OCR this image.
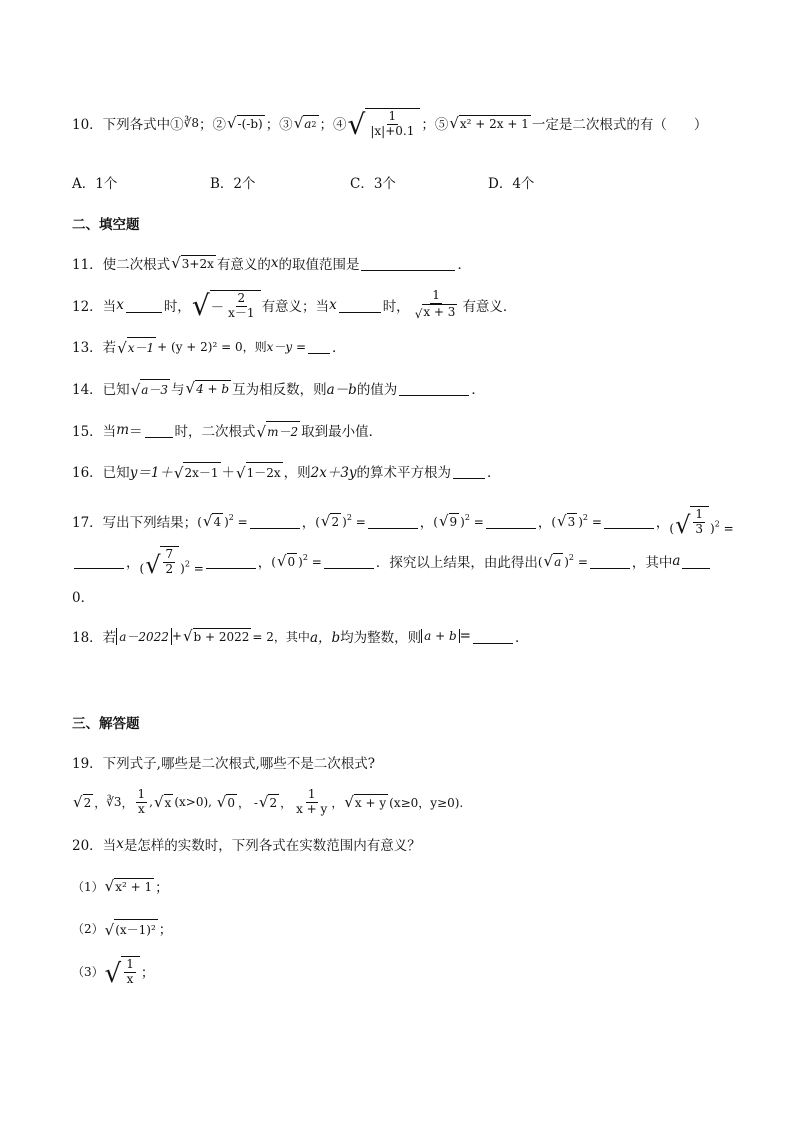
10．下列各式中① ∛8 ；② √ -(-b) ；③ √ a 2 ；④ √ $\frac{1}{|x|+0.1}$ ；⑤ √ x² + 2x + 1 一定是二次根式的有（　　）
A．1个	B．2个	C．3个	D．4个
二、填空题
11．使二次根式 √ 3+2x 有意义的 x 的取值范围是	．
12．当 x	时， √ － $\frac{2}{x-1}$ 有意义；当 x	时， $\frac{1}{√ x + 3}$ 有意义．
13．若 √ x－1 + (y + 2)² = 0，则 x－y = ．
14．已知 √ a－3 与 √ 4 + b 互为相反数，则 a－b 的值为	．
15．当 m ＝ 时，二次根式 √ m－2 取到最小值．
16．已知 y＝1＋ √ 2x－1 ＋ √ 1－2x ，则 2x＋3y 的算术平方根为	．
17．写出下列结果； ( √ 4 )$^2$ =	， ( √ 2 )$^2$ =	， ( √ 9 )$^2$ =	， ( √ 3 )$^2$ =	， ( √ $\frac{1}{3} )^2$ =
， ( √ $\frac{7}{2} )^2$ =	， ( √ 0 )$^2$ =	．探究以上结果，由此得出 ( √ a )$^2$ =	，其中 a
0．
18．若 a－2022 + √ b + 2022 = 2，其中 a，b 均为整数，则 a + b =	．
三、解答题
19．下列式子,哪些是二次根式,哪些不是二次根式?
√ 2 ， ∛3 ， $\frac{1}{x}$ , √ x (x>0),
√ 0 ， - √ 2 ， $\frac{1}{x + y}$ ， √ x + y (x≥0，y≥0).
20．当 x 是怎样的实数时，下列各式在实数范围内有意义？
（1） √ x² + 1 ；
（2） √ (x－1)² ；
（3） √ $\frac{1}{x}$ ；
